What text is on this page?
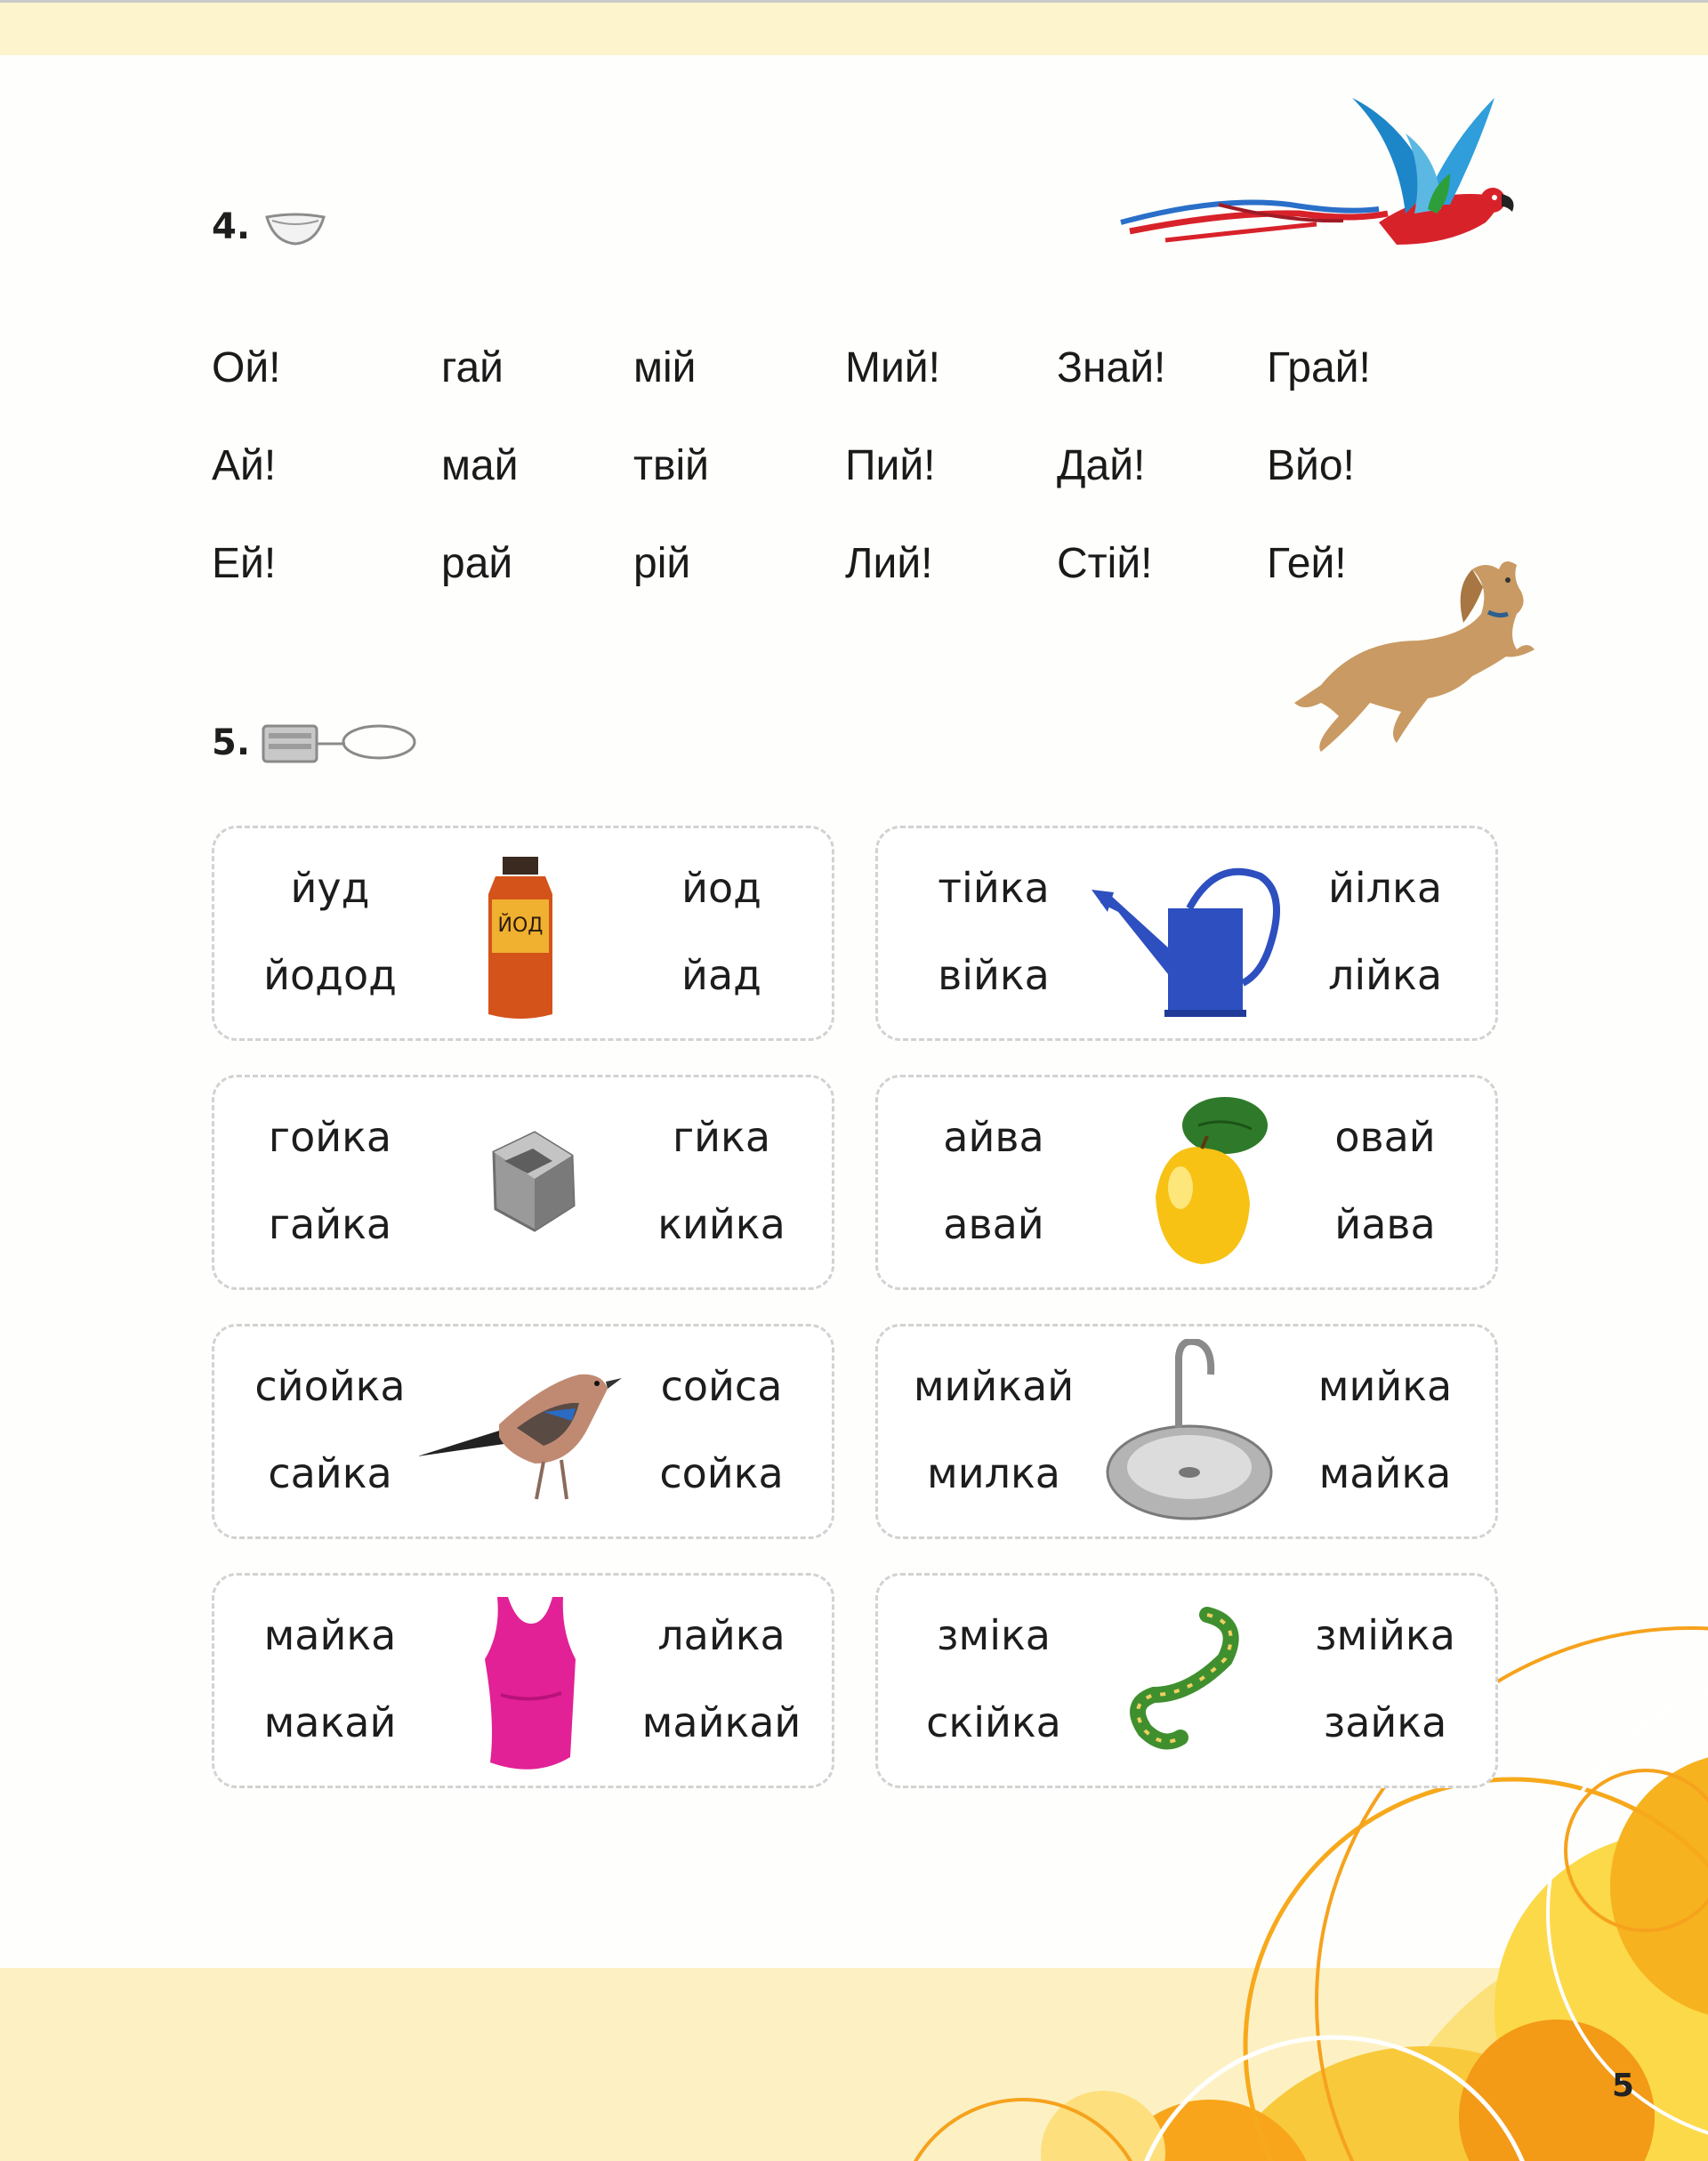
4.
Ой!	гай	мій	Мий!	Знай!	Грай!
Ай!	май	твій	Пий!	Дай!	Вйо!
Ей!	рай	рій	Лий!	Стій!	Гей!
5.
йуд
йодод
ЙОД
йод
йад
тійка
війка
йілка
лійка
гойка
гайка
гйка
кийка
айва
авай
овай
йава
сйойка
сайка
сойса
сойка
мийкай
милка
мийка
майка
майка
макай
лайка
майкай
зміка
скійка
змійка
зайка
5
